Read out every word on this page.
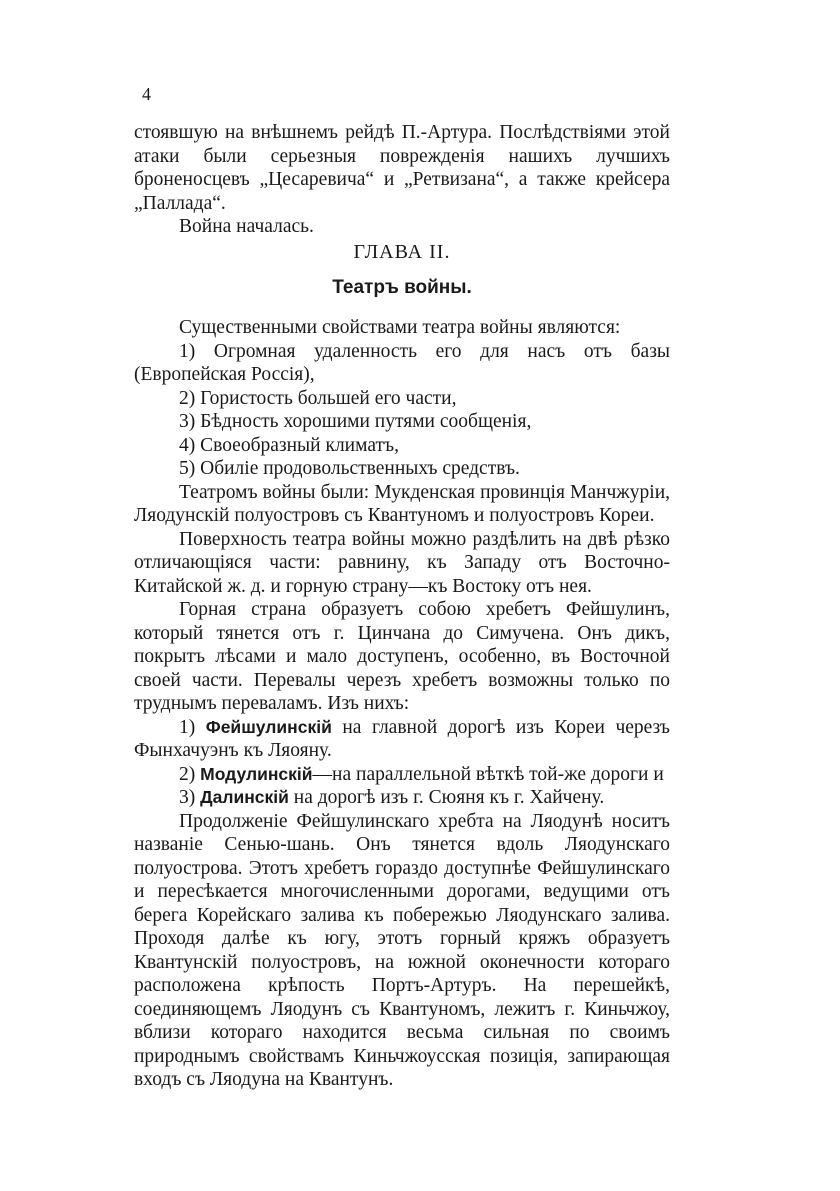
4

стоявшую на внѣшнемъ рейдѣ П.-Артура. Послѣдствіями этой атаки были серьезныя поврежденія нашихъ лучшихъ броненосцевъ „Цесаревича“ и „Ретвизана“, а также крейсера „Паллада“.

Война началась.

ГЛАВА II.
Театръ войны.

Существенными свойствами театра войны являются:

1) Огромная удаленность его для насъ отъ базы (Европейская Россія),

2) Гористость большей его части,

3) Бѣдность хорошими путями сообщенія,

4) Своеобразный климатъ,

5) Обиліе продовольственныхъ средствъ.

Театромъ войны были: Мукденская провинція Манчжуріи, Ляодунскій полуостровъ съ Квантуномъ и полуостровъ Кореи.

Поверхность театра войны можно раздѣлить на двѣ рѣзко отличающіяся части: равнину, къ Западу отъ Восточно-Китайской ж. д. и горную страну—къ Востоку отъ нея.

Горная страна образуетъ собою хребетъ Фейшулинъ, который тянется отъ г. Цинчана до Симучена. Онъ дикъ, покрытъ лѣсами и мало доступенъ, особенно, въ Восточной своей части. Перевалы черезъ хребетъ возможны только по труднымъ переваламъ. Изъ нихъ:

1) Фейшулинскій на главной дорогѣ изъ Кореи черезъ Фынхачуэнъ къ Ляояну.

2) Модулинскій—на параллельной вѣткѣ той-же дороги и

3) Далинскій на дорогѣ изъ г. Сюяня къ г. Хайчену.

Продолженіе Фейшулинскаго хребта на Ляодунѣ носитъ названіе Сенью-шань. Онъ тянется вдоль Ляодунскаго полуострова. Этотъ хребетъ гораздо доступнѣе Фейшулинскаго и пересѣкается многочисленными дорогами, ведущими отъ берега Корейскаго залива къ побережью Ляодунскаго залива. Проходя далѣе къ югу, этотъ горный кряжъ образуетъ Квантунскій полуостровъ, на южной оконечности котораго расположена крѣпость Портъ-Артуръ. На перешейкѣ, соединяющемъ Ляодунъ съ Квантуномъ, лежитъ г. Киньчжоу, вблизи котораго находится весьма сильная по своимъ природнымъ свойствамъ Киньчжоусская позиція, запирающая входъ съ Ляодуна на Квантунъ.
